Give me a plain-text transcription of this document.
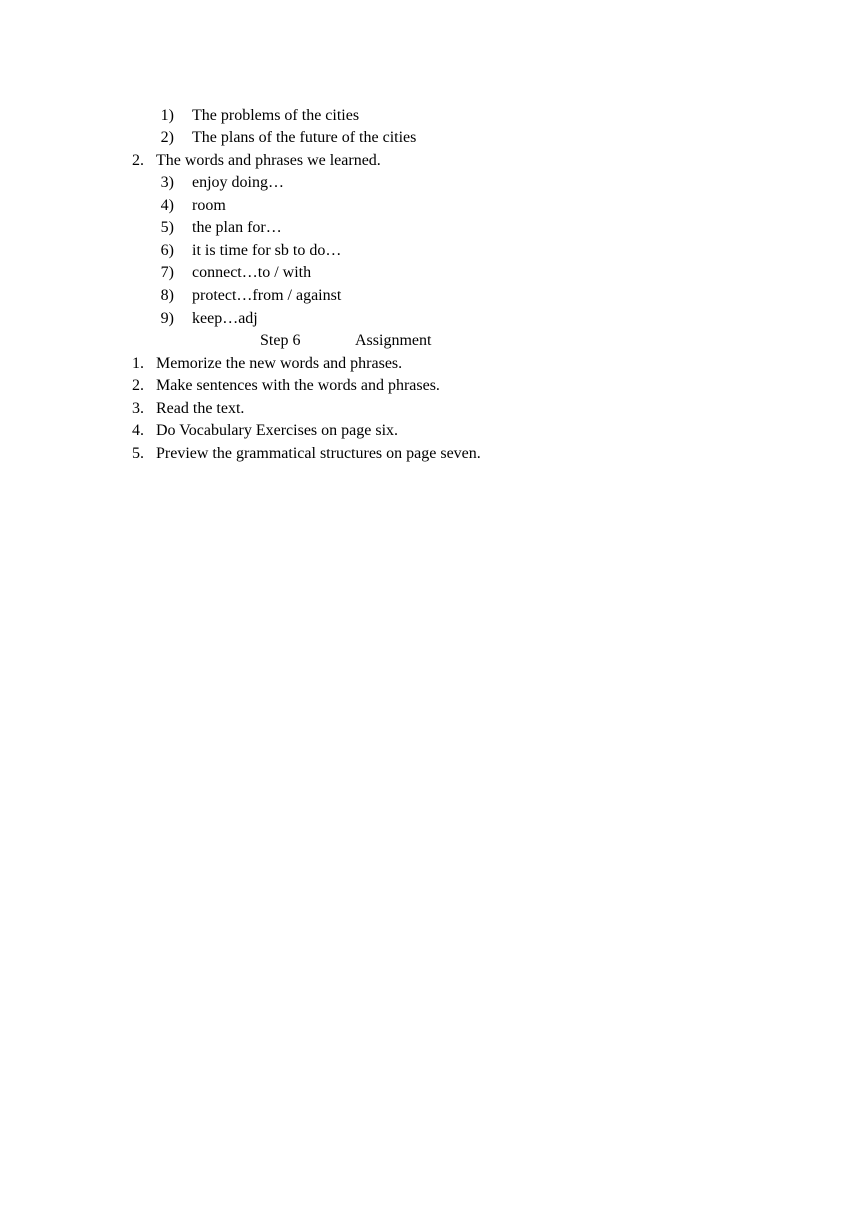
1) The problems of the cities
2) The plans of the future of the cities
2. The words and phrases we learned.
3) enjoy doing…
4) room
5) the plan for…
6) it is time for sb to do…
7) connect…to / with
8) protect…from / against
9) keep…adj
Step 6	Assignment
1. Memorize the new words and phrases.
2. Make sentences with the words and phrases.
3. Read the text.
4. Do Vocabulary Exercises on page six.
5. Preview the grammatical structures on page seven.
